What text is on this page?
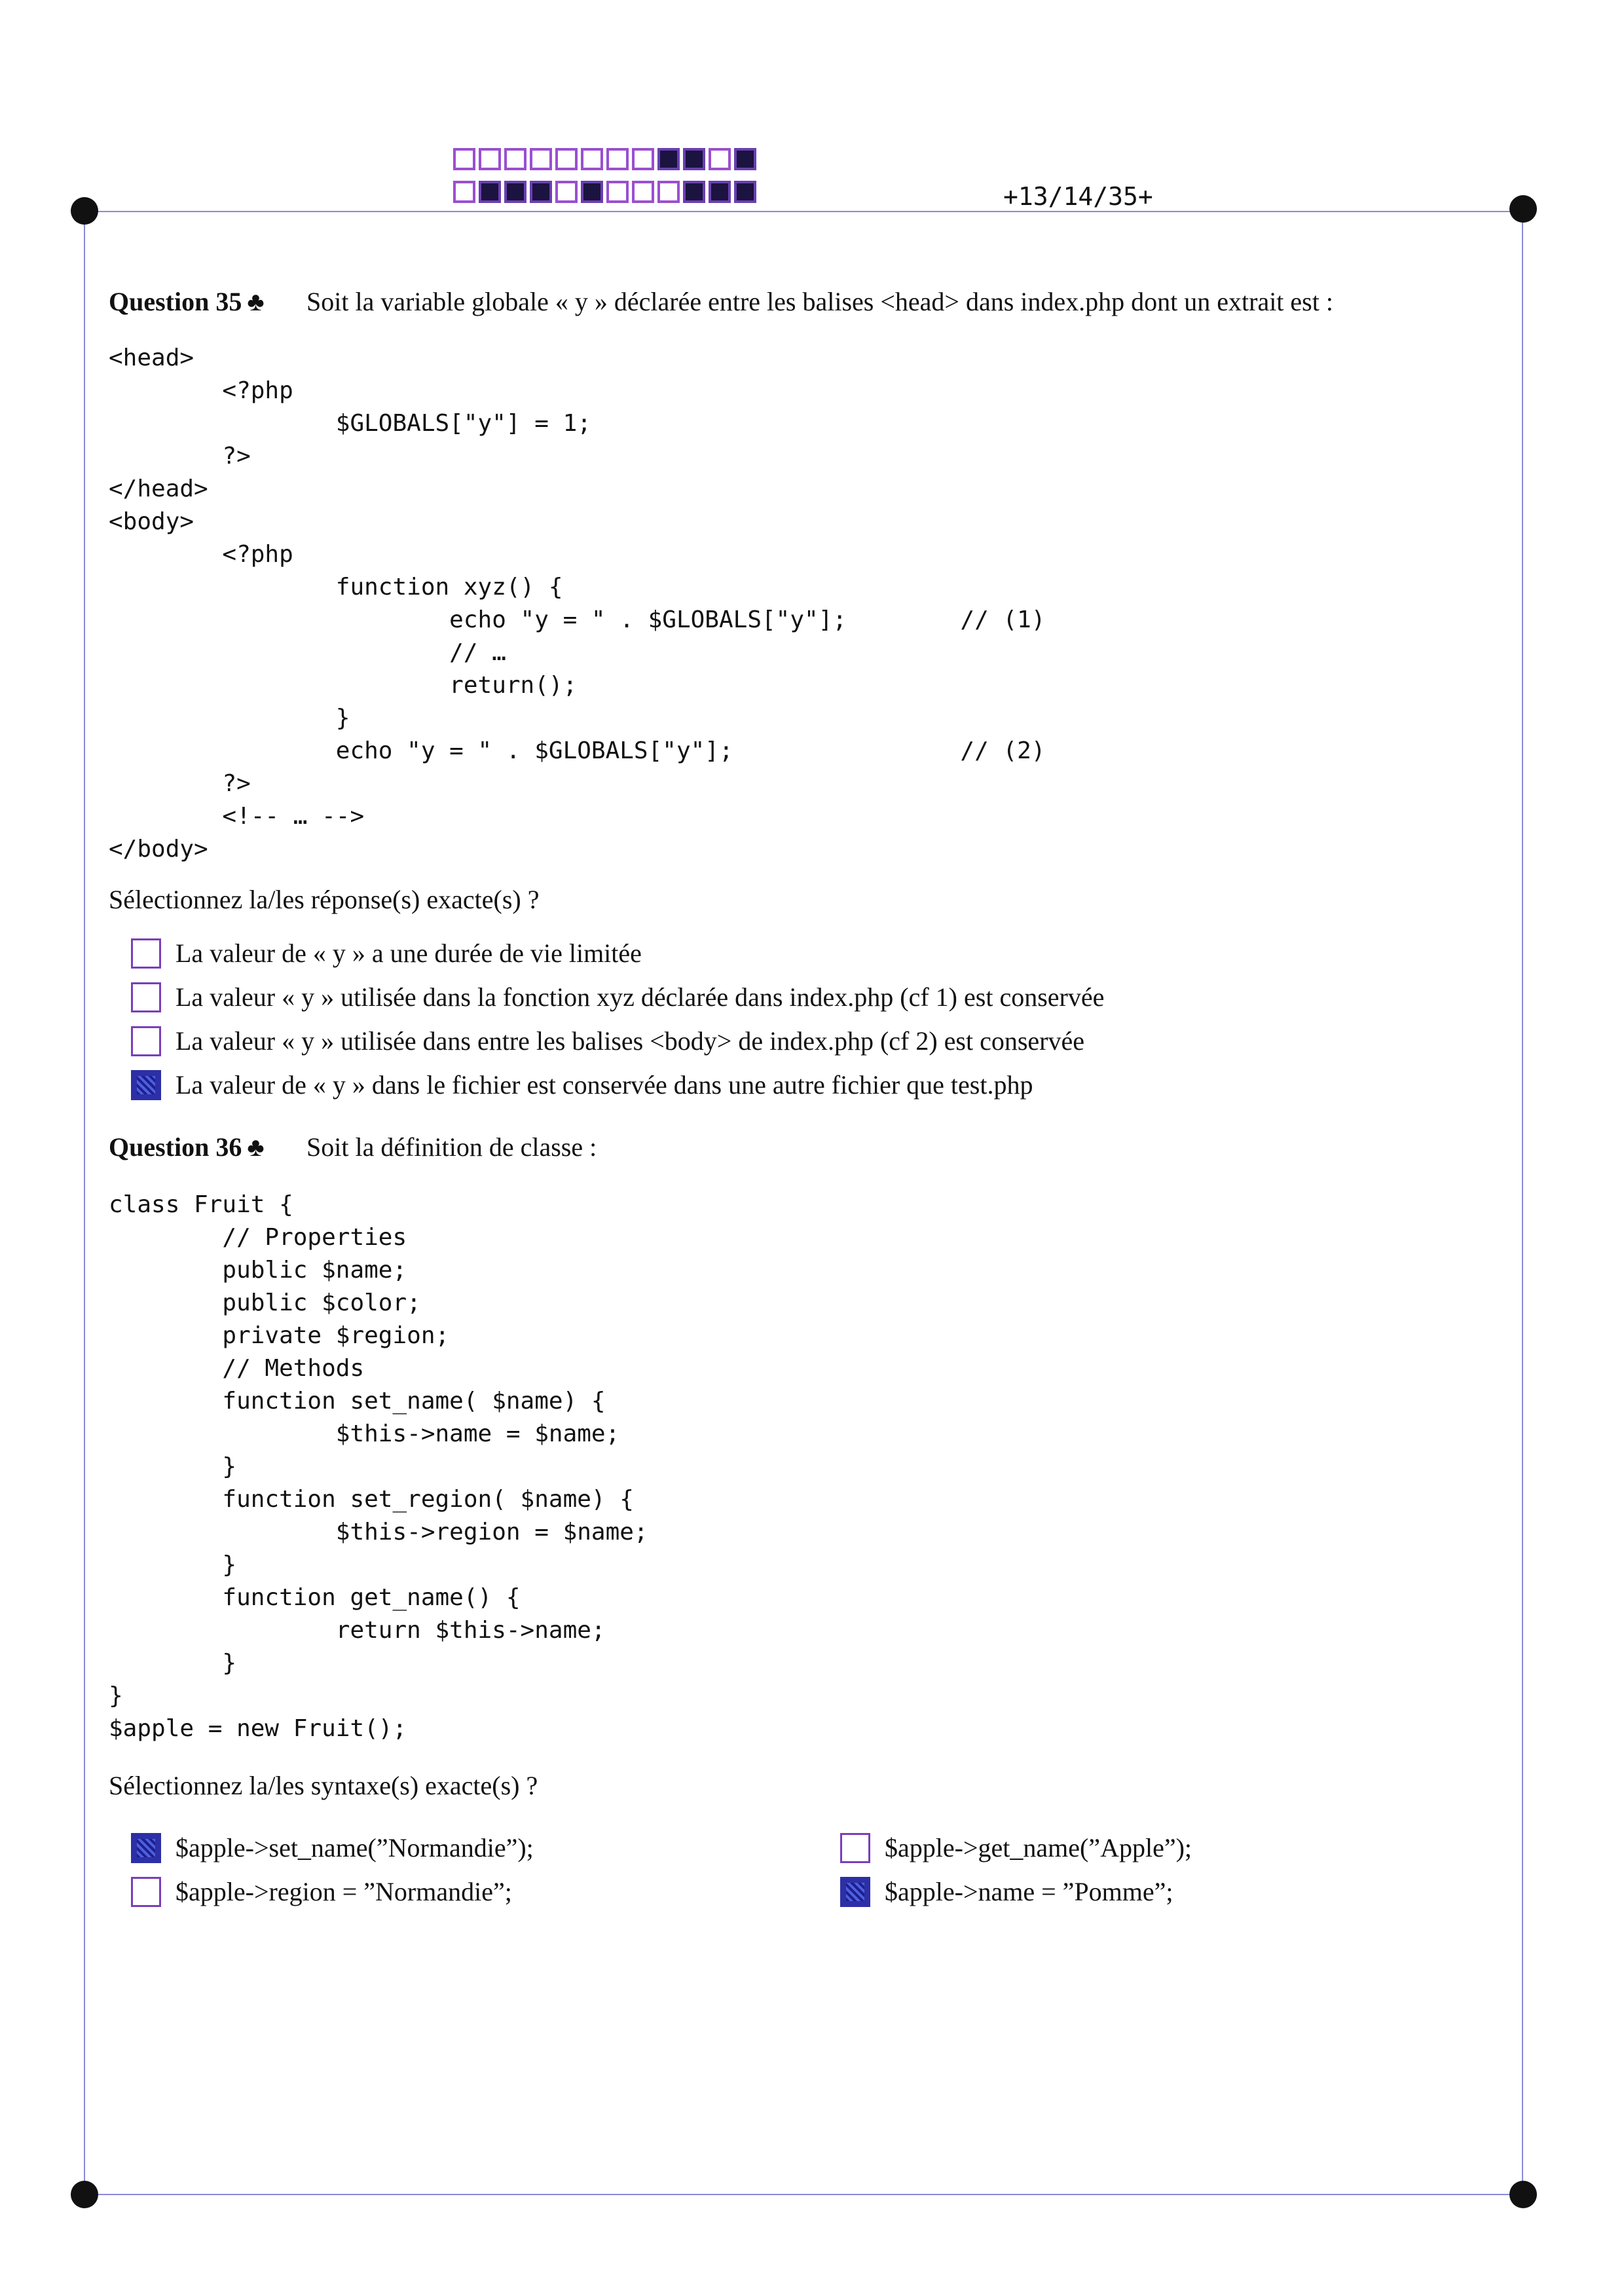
+13/14/35+
Question 35 ♣ Soit la variable globale « y » déclarée entre les balises <head> dans index.php dont un extrait est :
<head>
<?php
$GLOBALS["y"] = 1;
?>
</head>
<body>
<?php
function xyz() {
echo "y = " . $GLOBALS["y"];        // (1)
// …
return();
}
echo "y = " . $GLOBALS["y"];                // (2)
?>
<!-- … -->
</body>
Sélectionnez la/les réponse(s) exacte(s) ?
La valeur de « y » a une durée de vie limitée
La valeur « y » utilisée dans la fonction xyz déclarée dans index.php (cf 1) est conservée
La valeur « y » utilisée dans entre les balises <body> de index.php (cf 2) est conservée
La valeur de « y » dans le fichier est conservée dans une autre fichier que test.php
Question 36 ♣ Soit la définition de classe :
class Fruit {
// Properties
public $name;
public $color;
private $region;
// Methods
function set_name( $name) {
$this->name = $name;
}
function set_region( $name) {
$this->region = $name;
}
function get_name() {
return $this->name;
}
}
$apple = new Fruit();
Sélectionnez la/les syntaxe(s) exacte(s) ?
$apple->set_name(”Normandie”);	$apple->get_name(”Apple”);
$apple->region = ”Normandie”;	$apple->name = ”Pomme”;
